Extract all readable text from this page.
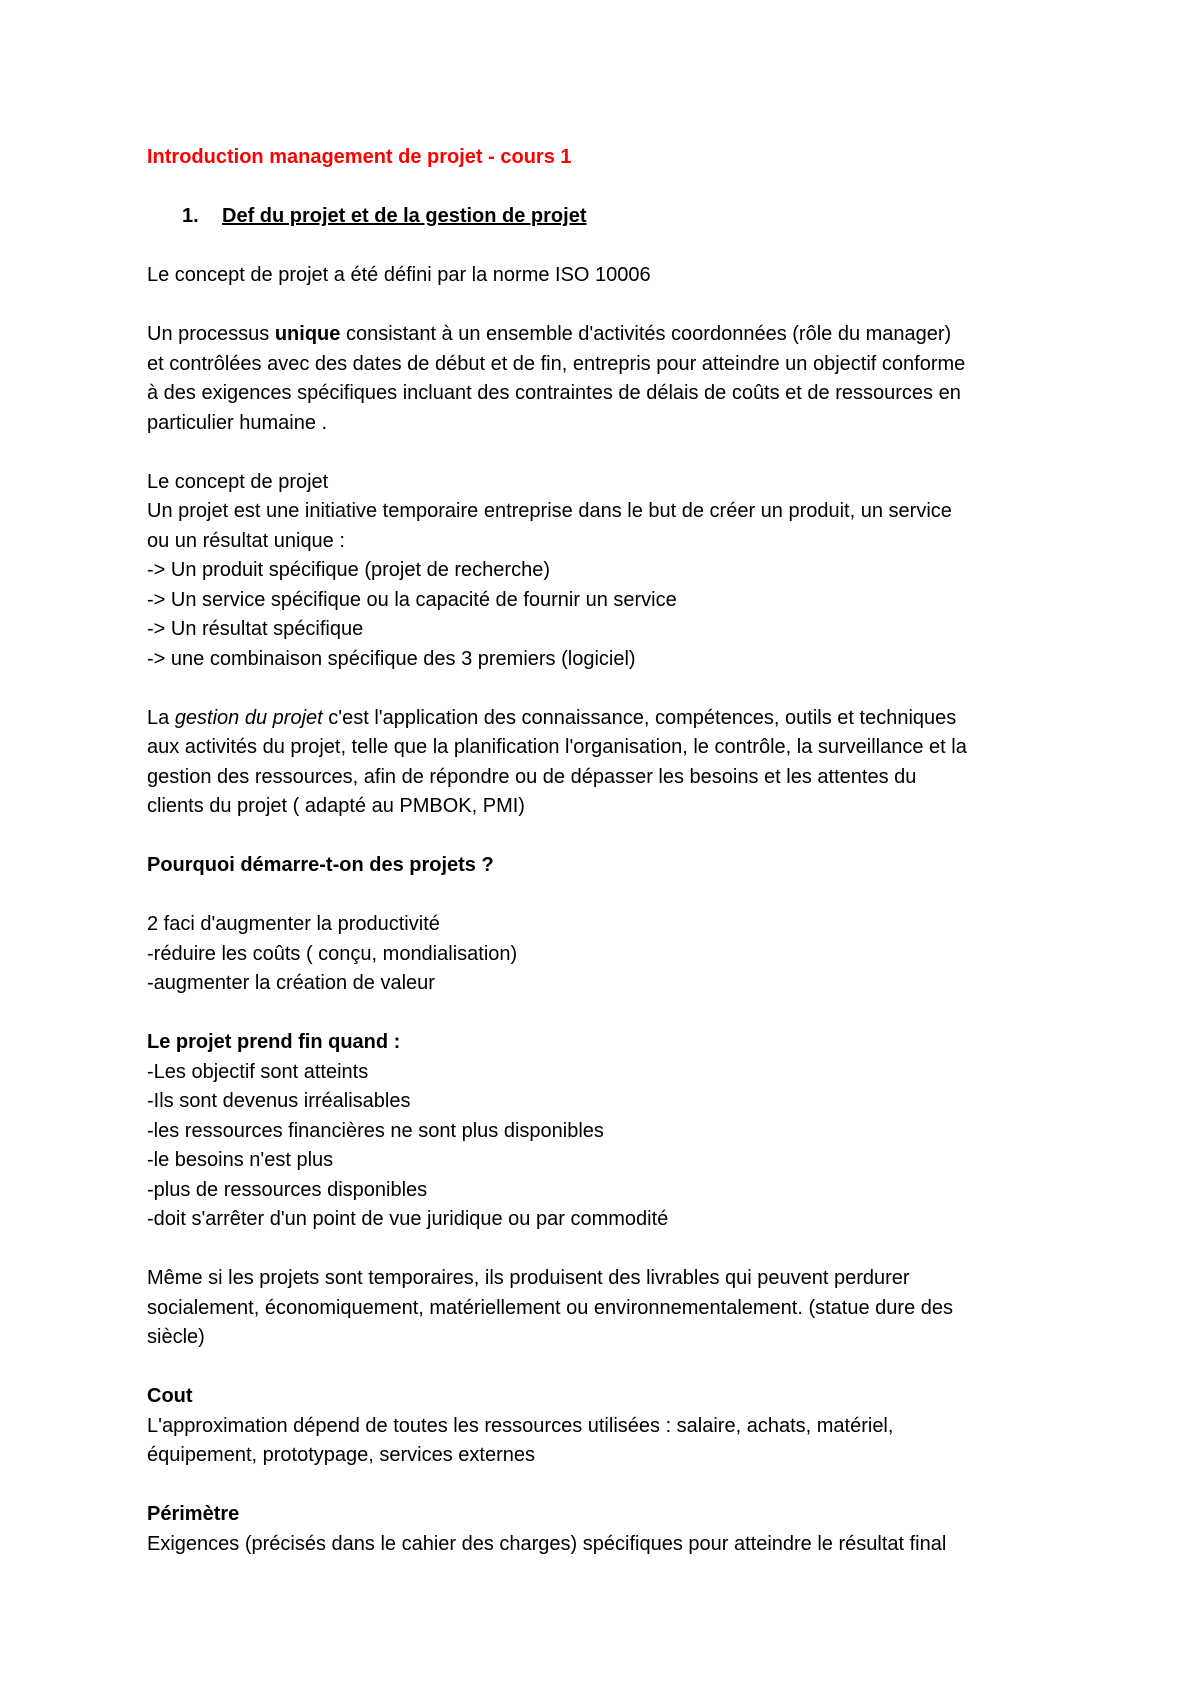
Introduction management de projet - cours 1

1. Def du projet et de la gestion de projet

Le concept de projet a été défini par la norme ISO 10006

Un processus unique consistant à un ensemble d'activités coordonnées (rôle du manager)
et contrôlées avec des dates de début et de fin, entrepris pour atteindre un objectif conforme
à des exigences spécifiques incluant des contraintes de délais de coûts et de ressources en
particulier humaine .
Le concept de projet
Un projet est une initiative temporaire entreprise dans le but de créer un produit, un service
ou un résultat unique :
-> Un produit spécifique (projet de recherche)
-> Un service spécifique ou la capacité de fournir un service
-> Un résultat spécifique
-> une combinaison spécifique des 3 premiers (logiciel)
La gestion du projet c'est l'application des connaissance, compétences, outils et techniques
aux activités du projet, telle que la planification l'organisation, le contrôle, la surveillance et la
gestion des ressources, afin de répondre ou de dépasser les besoins et les attentes du
clients du projet ( adapté au PMBOK, PMI)

Pourquoi démarre-t-on des projets ?

2 faci d'augmenter la productivité
-réduire les coûts ( conçu, mondialisation)
-augmenter la création de valeur
Le projet prend fin quand :
-Les objectif sont atteints
-Ils sont devenus irréalisables
-les ressources financières ne sont plus disponibles
-le besoins n'est plus
-plus de ressources disponibles
-doit s'arrêter d'un point de vue juridique ou par commodité
Même si les projets sont temporaires, ils produisent des livrables qui peuvent perdurer
socialement, économiquement, matériellement ou environnementalement. (statue dure des
siècle)
Cout
L'approximation dépend de toutes les ressources utilisées : salaire, achats, matériel,
équipement, prototypage, services externes
Périmètre
Exigences (précisés dans le cahier des charges) spécifiques pour atteindre le résultat final
